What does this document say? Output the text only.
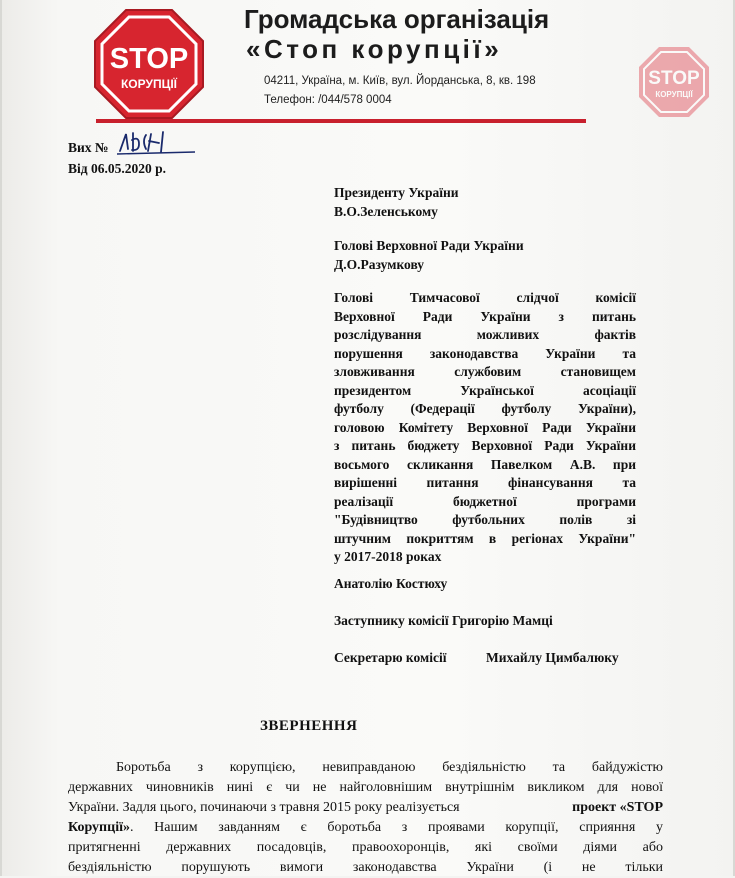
STOP
КОРУПЦІЇ	STOP
КОРУПЦІЇ
Громадська організація
«Стоп корупції»
04211, Україна, м. Київ, вул. Йорданська, 8, кв. 198
Телефон: /044/578 0004
Вих №
Від 06.05.2020 р.
Президенту України
В.О.Зеленському
Голові Верховної Ради України
Д.О.Разумкову
Голові Тимчасової слідчої комісії
Верховної Ради України з питань
розслідування можливих фактів
порушення законодавства України та
зловживання службовим становищем
президентом Української асоціації
футболу (Федерації футболу України),
головою Комітету Верховної Ради України
з питань бюджету Верховної Ради України
восьмого скликання Павелком А.В. при
вирішенні питання фінансування та
реалізації бюджетної програми
"Будівництво футбольних полів зі
штучним покриттям в регіонах України"
у 2017-2018 роках
Анатолію Костюху
Заступнику комісії Григорію Мамці
Секретарю комісії	Михайлу Цимбалюку
ЗВЕРНЕННЯ
Боротьба з корупцією, невиправданою бездіяльністю та байдужістю
державних чиновників нині є чи не найголовнішим внутрішнім викликом для нової
України. Задля цього, починаючи з травня 2015 року реалізується	проект «STOP
Корупції» . Нашим завданням є боротьба з проявами корупції, сприяння у
притягненні державних посадовців, правоохоронців, які своїми діями або
бездіяльністю порушують вимоги законодавства України (і не тільки
